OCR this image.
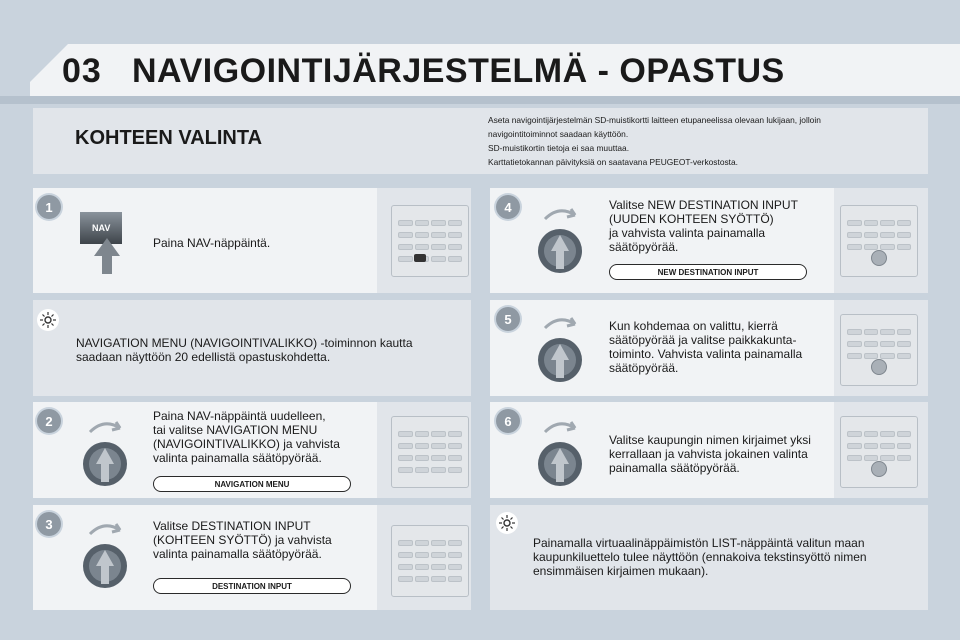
03 NAVIGOINTIJÄRJESTELMÄ - OPASTUS
KOHTEEN VALINTA
Aseta navigointijärjestelmän SD-muistikortti laitteen etupaneelissa olevaan lukijaan, jolloin
navigointitoiminnot saadaan käyttöön.
SD-muistikortin tietoja ei saa muuttaa.
Karttatietokannan päivityksiä on saatavana PEUGEOT-verkostosta.
1
NAV
Paina NAV-näppäintä.
NAVIGATION MENU (NAVIGOINTIVALIKKO) -toiminnon kautta
saadaan näyttöön 20 edellistä opastuskohdetta.
2	Paina NAV-näppäintä uudelleen,
tai valitse NAVIGATION MENU
(NAVIGOINTIVALIKKO) ja vahvista
valinta painamalla säätöpyörää.
NAVIGATION MENU
3	Valitse DESTINATION INPUT
(KOHTEEN SYÖTTÖ) ja vahvista
valinta painamalla säätöpyörää.
DESTINATION INPUT
4	Valitse NEW DESTINATION INPUT
(UUDEN KOHTEEN SYÖTTÖ)
ja vahvista valinta painamalla
säätöpyörää.
NEW DESTINATION INPUT
5	Kun kohdemaa on valittu, kierrä
säätöpyörää ja valitse paikkakunta-
toiminto. Vahvista valinta painamalla
säätöpyörää.
6
Valitse kaupungin nimen kirjaimet yksi
kerrallaan ja vahvista jokainen valinta
painamalla säätöpyörää.
Painamalla virtuaalinäppäimistön LIST-näppäintä valitun maan
kaupunkiluettelo tulee näyttöön (ennakoiva tekstinsyöttö nimen
ensimmäisen kirjaimen mukaan).
